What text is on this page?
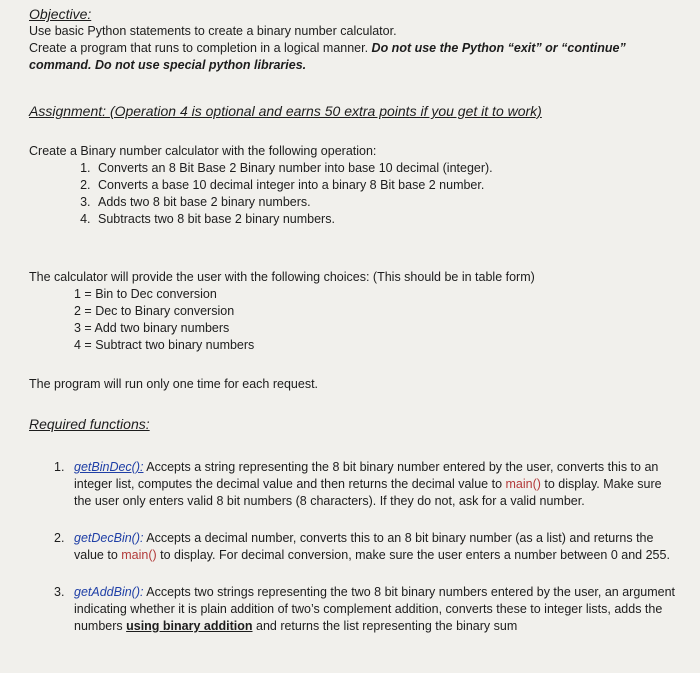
Objective:

Use basic Python statements to create a binary number calculator.

Create a program that runs to completion in a logical manner. Do not use the Python “exit” or “continue”

command. Do not use special python libraries.

Assignment: (Operation 4 is optional and earns 50 extra points if you get it to work)

Create a Binary number calculator with the following operation:

1. Converts an 8 Bit Base 2 Binary number into base 10 decimal (integer).
2. Converts a base 10 decimal integer into a binary 8 Bit base 2 number.
3. Adds two 8 bit base 2 binary numbers.
4. Subtracts two 8 bit base 2 binary numbers.

The calculator will provide the user with the following choices: (This should be in table form)

1 = Bin to Dec conversion

2 = Dec to Binary conversion

3 = Add two binary numbers

4 = Subtract two binary numbers

The program will run only one time for each request.
Required functions:
1. getBinDec(): Accepts a string representing the 8 bit binary number entered by the user, converts this to an integer list, computes the decimal value and then returns the decimal value to main() to display. Make sure the user only enters valid 8 bit numbers (8 characters). If they do not, ask for a valid number.
2. getDecBin(): Accepts a decimal number, converts this to an 8 bit binary number (as a list) and returns the value to main() to display. For decimal conversion, make sure the user enters a number between 0 and 255.
3. getAddBin(): Accepts two strings representing the two 8 bit binary numbers entered by the user, an argument indicating whether it is plain addition of two’s complement addition, converts these to integer lists, adds the numbers using binary addition and returns the list representing the binary sum
